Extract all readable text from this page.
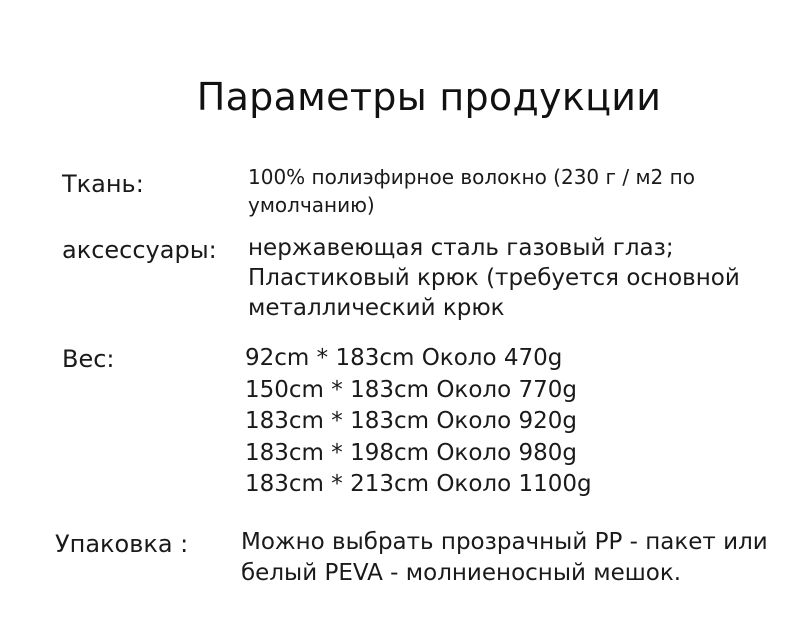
Параметры продукции
Ткань:	100% полиэфирное волокно (230 г / м2 по
умолчанию)
аксессуары: нержавеющая сталь газовый глаз;
Пластиковый крюк (требуется основной
металлический крюк
Вес:	92cm * 183cm Около 470g
150cm * 183cm Около 770g
183cm * 183cm Около 920g
183cm * 198cm Около 980g
183cm * 213cm Около 1100g
Упаковка : Можно выбрать прозрачный PP - пакет или
белый PEVA - молниеносный мешок.
